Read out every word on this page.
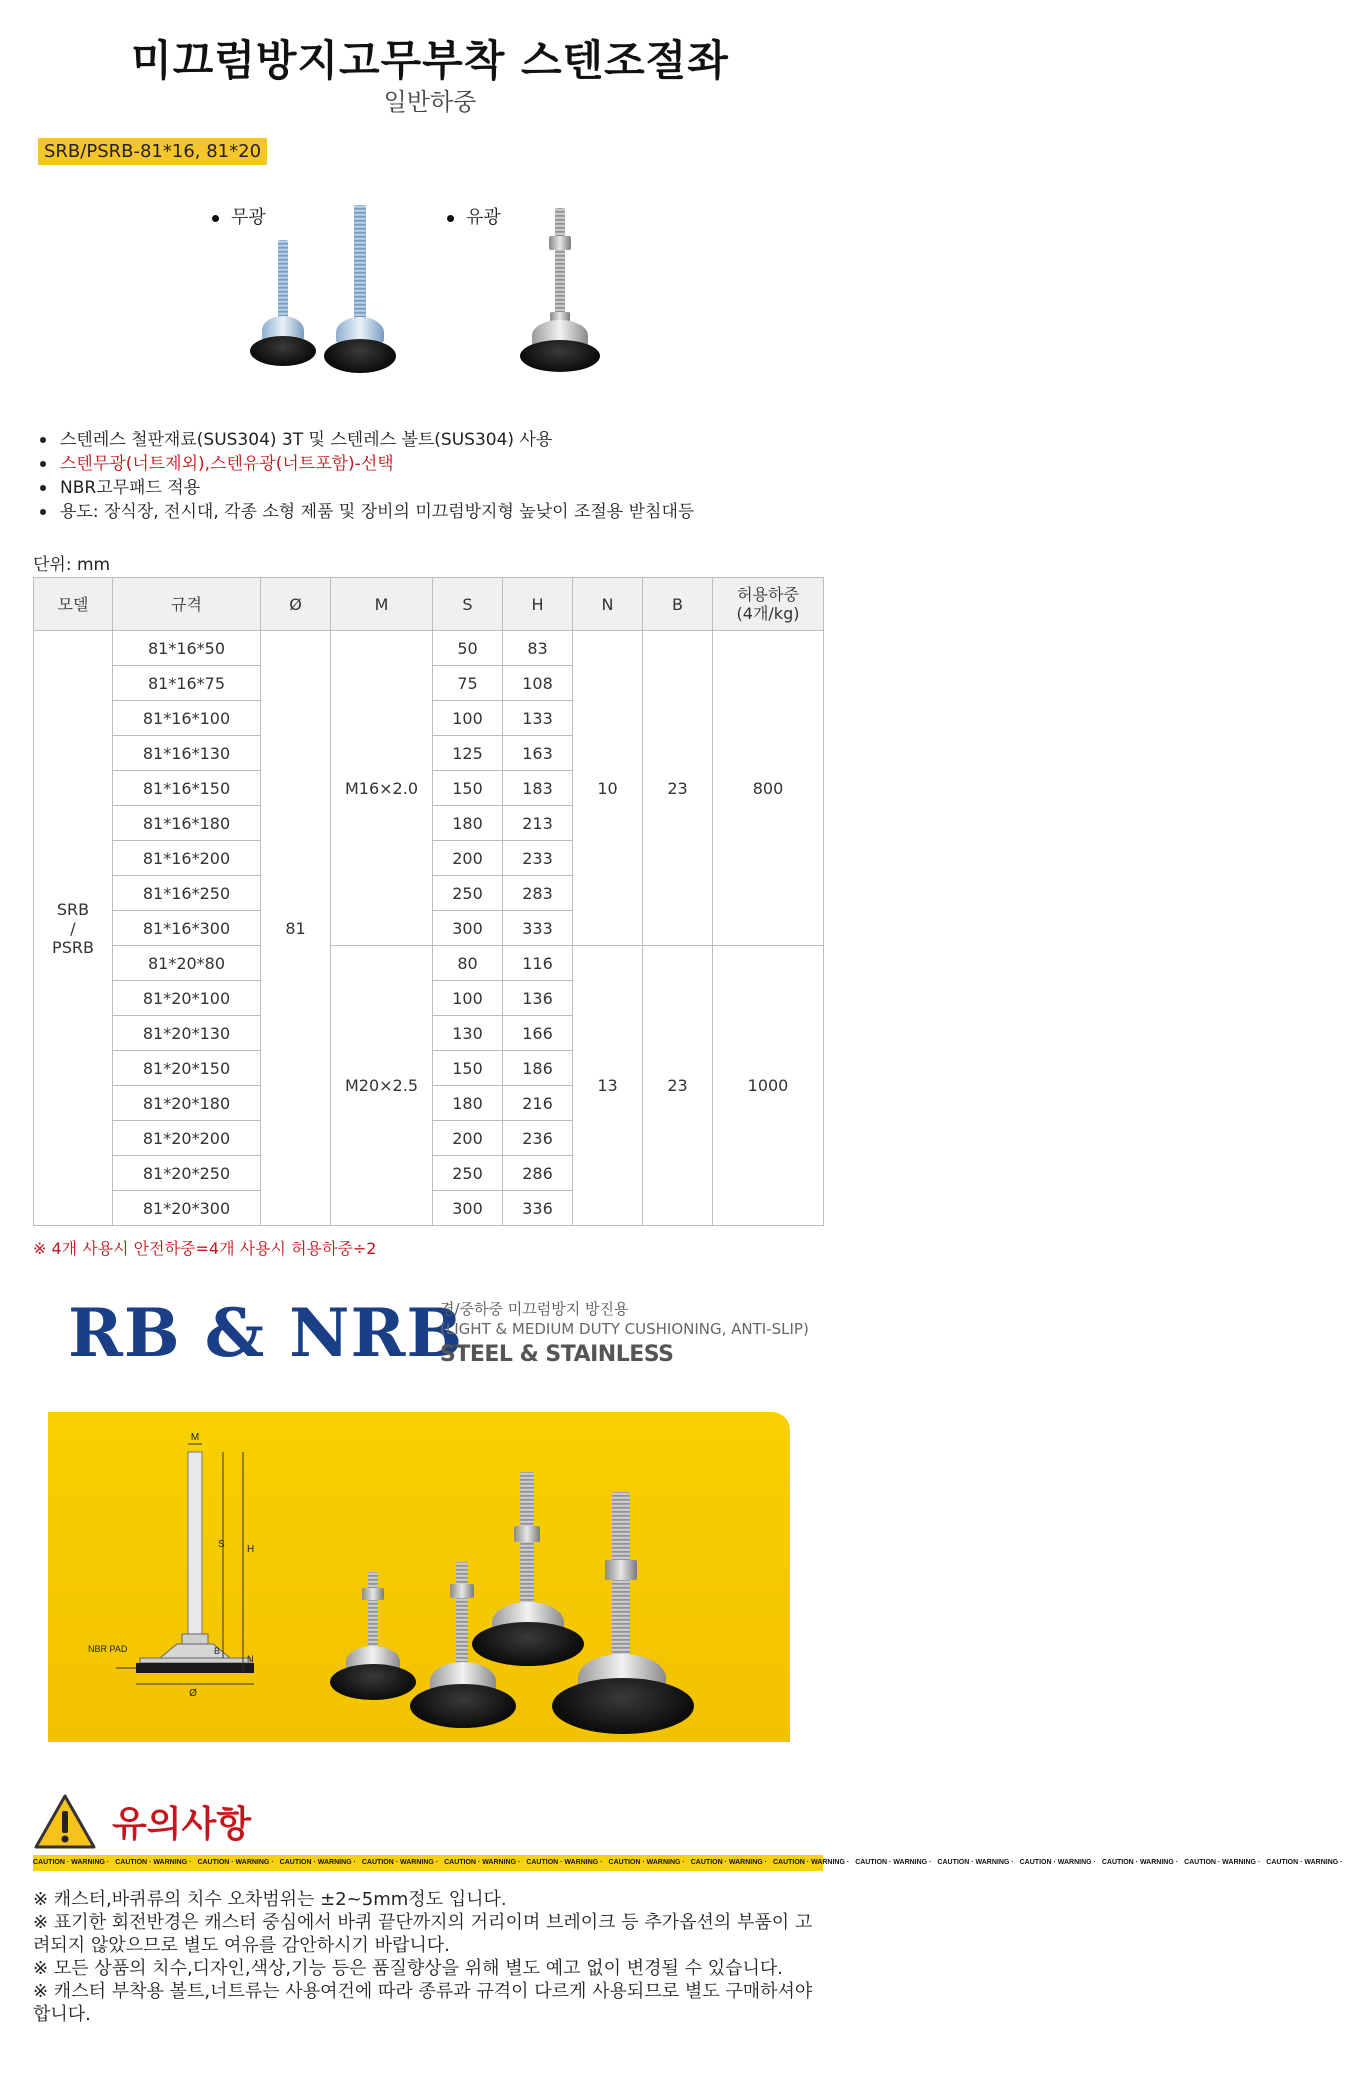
미끄럼방지고무부착 스텐조절좌
일반하중
SRB/PSRB-81*16, 81*20
무광	유광
스텐레스 철판재료(SUS304) 3T 및 스텐레스 볼트(SUS304) 사용
스텐무광(너트제외),스텐유광(너트포함)-선택
NBR고무패드 적용
용도: 장식장, 전시대, 각종 소형 제품 및 장비의 미끄럼방지형 높낮이 조절용 받침대등
단위: mm
모델	규격	Ø	M	S	H	N	B	허용하중
(4개/kg)
SRB
/
PSRB	81*16*50	81	M16×2.0	50	83	10	23	800
	81*16*75			75	108			
	81*16*100			100	133			
	81*16*130			125	163			
	81*16*150			150	183			
	81*16*180			180	213			
	81*16*200			200	233			
	81*16*250			250	283			
	81*16*300			300	333			
	81*20*80		M20×2.5	80	116	13	23	1000
	81*20*100			100	136			
	81*20*130			130	166			
	81*20*150			150	186			
	81*20*180			180	216			
	81*20*200			200	236			
	81*20*250			250	286			
	81*20*300			300	336			
※ 4개 사용시 안전하중=4개 사용시 허용하중÷2
RB & NRB
경/중하중 미끄럼방지 방진용
(LIGHT & MEDIUM DUTY CUSHIONING, ANTI-SLIP)
STEEL & STAINLESS
M
S H
B
N
NBR PAD
Ø
유의사항
CAUTION · WARNING · CAUTION · WARNING · CAUTION · WARNING · CAUTION · WARNING · CAUTION · WARNING · CAUTION · WARNING · CAUTION · WARNING · CAUTION · WARNING · CAUTION · WARNING · CAUTION · WARNING · CAUTION · WARNING · CAUTION · WARNING · CAUTION · WARNING · CAUTION · WARNING · CAUTION · WARNING · CAUTION · WARNING ·
※ 캐스터,바퀴류의 치수 오차범위는 ±2~5mm정도 입니다.
※ 표기한 회전반경은 캐스터 중심에서 바퀴 끝단까지의 거리이며 브레이크 등 추가옵션의 부품이 고려되지 않았으므로 별도 여유를 감안하시기 바랍니다.
※ 모든 상품의 치수,디자인,색상,기능 등은 품질향상을 위해 별도 예고 없이 변경될 수 있습니다.
※ 캐스터 부착용 볼트,너트류는 사용여건에 따라 종류과 규격이 다르게 사용되므로 별도 구매하셔야 합니다.
